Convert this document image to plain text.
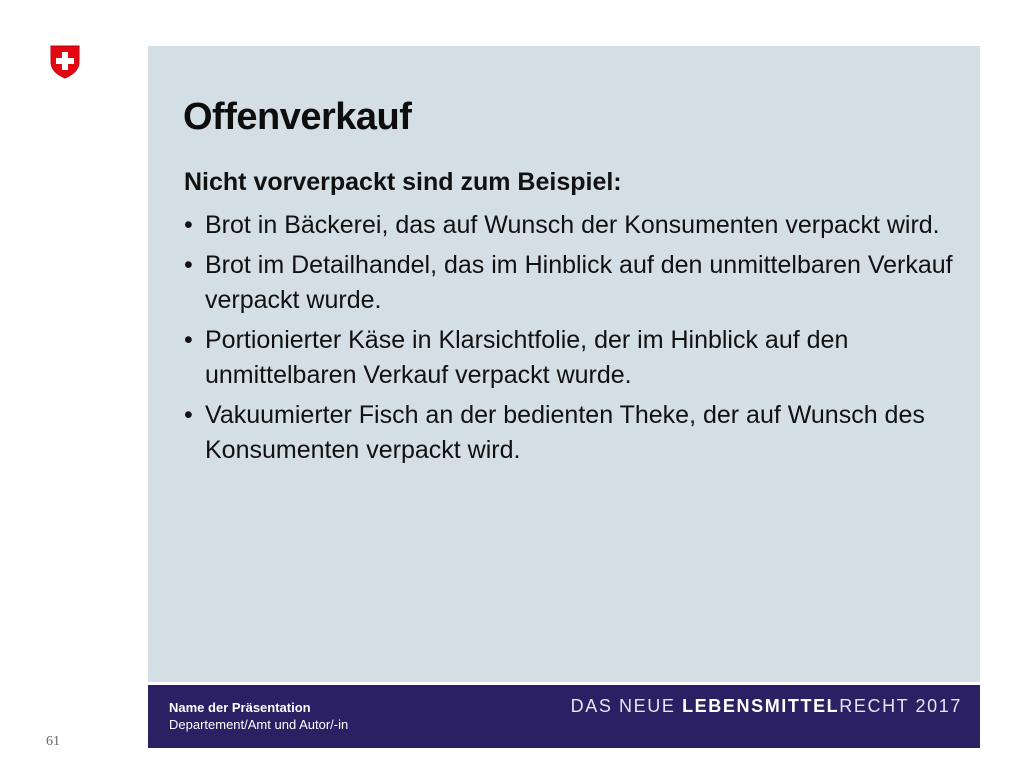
Offenverkauf

Nicht vorverpackt sind zum Beispiel:

• Brot in Bäckerei, das auf Wunsch der Konsumenten verpackt wird.
• Brot im Detailhandel, das im Hinblick auf den unmittelbaren Verkauf verpackt wurde.
• Portionierter Käse in Klarsichtfolie, der im Hinblick auf den unmittelbaren Verkauf verpackt wurde.
• Vakuumierter Fisch an der bedienten Theke, der auf Wunsch des Konsumenten verpackt wird.
Name der Präsentation
Departement/Amt und Autor/-in
DAS NEUE LEBENSMITTELRECHT 2017
61
